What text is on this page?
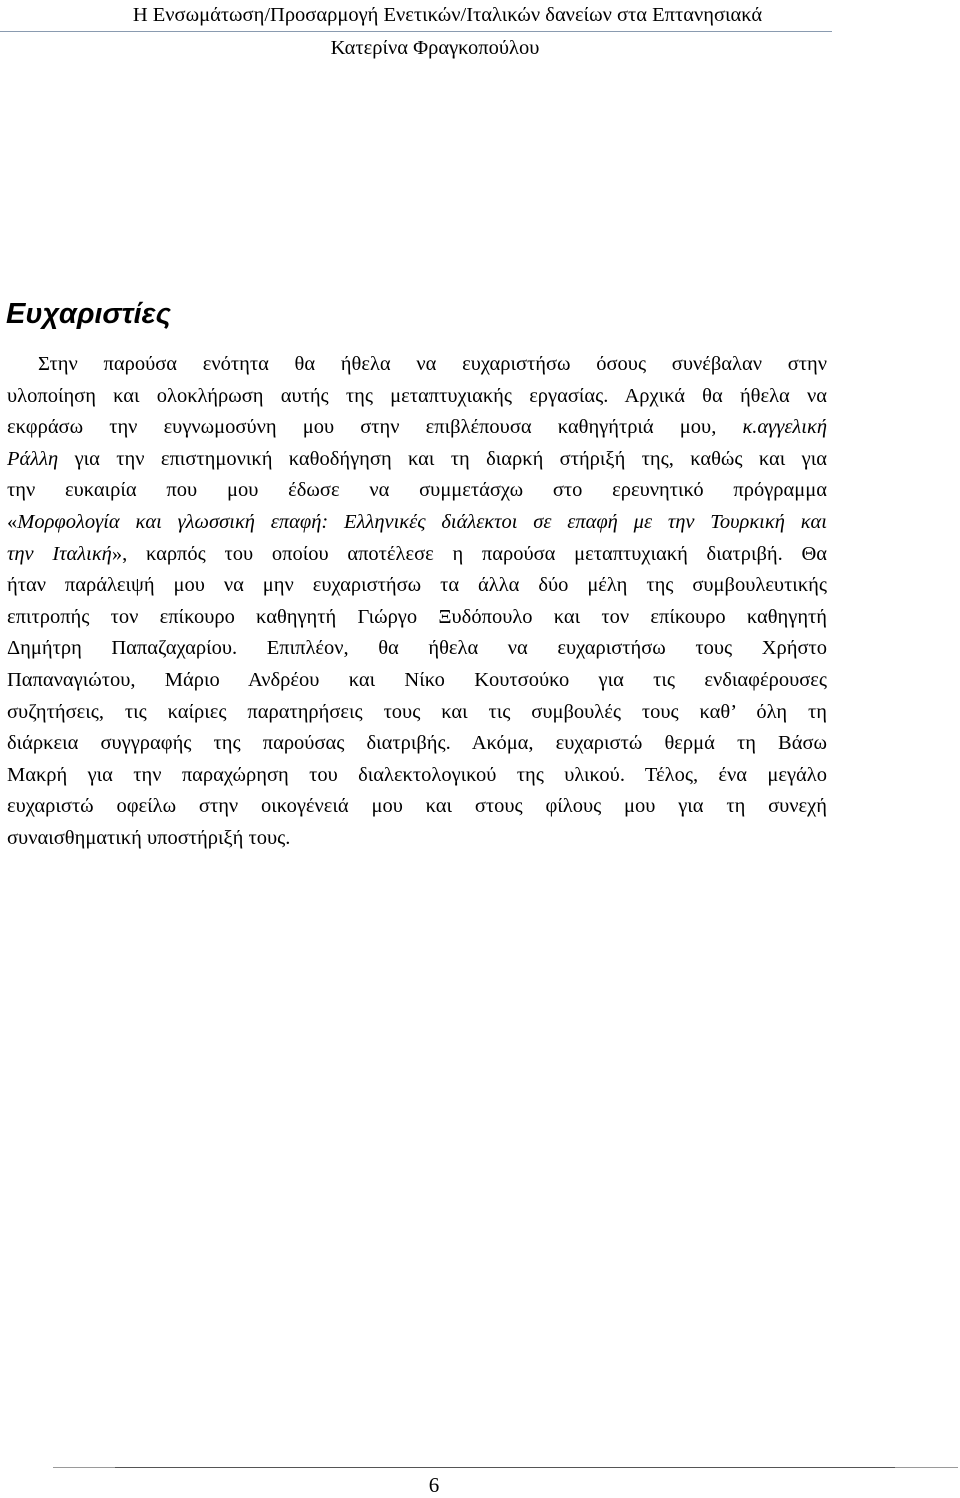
Η Ενσωμάτωση/Προσαρμογή Ενετικών/Ιταλικών δανείων στα Επτανησιακά
Κατερίνα Φραγκοπούλου
Ευχαριστίες
Στην παρούσα ενότητα θα ήθελα να ευχαριστήσω όσους συνέβαλαν στην
υλοποίηση και ολοκλήρωση αυτής της μεταπτυχιακής εργασίας. Αρχικά θα ήθελα να
εκφράσω την ευγνωμοσύνη μου στην επιβλέπουσα καθηγήτριά μου, κ.αγγελική
Ράλλη για την επιστημονική καθοδήγηση και τη διαρκή στήριξή της, καθώς και για
την ευκαιρία που μου έδωσε να συμμετάσχω στο ερευνητικό πρόγραμμα
«Μορφολογία και γλωσσική επαφή: Ελληνικές διάλεκτοι σε επαφή με την Τουρκική και
την Ιταλική», καρπός του οποίου αποτέλεσε η παρούσα μεταπτυχιακή διατριβή. Θα
ήταν παράλειψή μου να μην ευχαριστήσω τα άλλα δύο μέλη της συμβουλευτικής
επιτροπής τον επίκουρο καθηγητή Γιώργο Ξυδόπουλο και τον επίκουρο καθηγητή
Δημήτρη Παπαζαχαρίου. Επιπλέον, θα ήθελα να ευχαριστήσω τους Χρήστο
Παπαναγιώτου, Μάριο Ανδρέου και Νίκο Κουτσούκο για τις ενδιαφέρουσες
συζητήσεις, τις καίριες παρατηρήσεις τους και τις συμβουλές τους καθ’ όλη τη
διάρκεια συγγραφής της παρούσας διατριβής. Ακόμα, ευχαριστώ θερμά τη Βάσω
Μακρή για την παραχώρηση του διαλεκτολογικού της υλικού. Τέλος, ένα μεγάλο
ευχαριστώ οφείλω στην οικογένειά μου και στους φίλους μου για τη συνεχή
συναισθηματική υποστήριξή τους.
6
